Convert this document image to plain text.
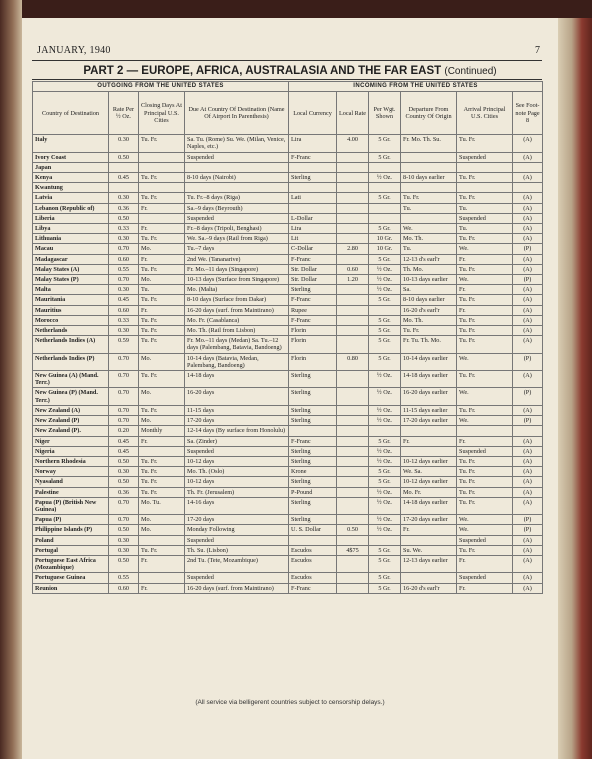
JANUARY, 1940	7
PART 2 — EUROPE, AFRICA, AUSTRALASIA AND THE FAR EAST (Continued)
OUTGOING FROM THE UNITED STATES				INCOMING FROM THE UNITED STATES					
Country of Destination	Rate Per ½ Oz.	Closing Days At Principal U.S. Cities	Due At Country Of Destination (Name Of Airport In Parenthesis)	Local Currency	Local Rate	Per Wgt. Shown	Departure From Country Of Origin	Arrival Principal U.S. Cities	See Foot-note Page 8
Italy	0.30	Tu. Fr.	Sa. Tu. (Rome) Su. We. (Milan, Venice, Naples, etc.)	Lira	4.00	5 Gr.	Fr. Mo. Th. Su.	Tu. Fr.	(A)
Ivory Coast	0.50		Suspended	F-Franc		5 Gr.		Suspended	(A)
Japan									
Kenya	0.45	Tu. Fr.	8-10 days (Nairobi)	Sterling		½ Oz.	8-10 days earlier	Tu. Fr.	(A)
Kwantung									
Latvia	0.30	Tu. Fr.	Tu. Fr.–8 days (Riga)	Lati		5 Gr.	Tu. Fr.	Tu. Fr.	(A)
Lebanon (Republic of)	0.36	Fr.	Sa.–9 days (Beyrouth)				Tu.	Tu.	(A)
Liberia	0.50		Suspended	L-Dollar				Suspended	(A)
Libya	0.33	Fr.	Fr.–8 days (Tripoli, Benghasi)	Lira		5 Gr.	We.	Tu.	(A)
Lithuania	0.30	Tu. Fr.	We. Sa.–9 days (Rail from Riga)	Lit		10 Gr.	Mo. Th.	Tu. Fr.	(A)
Macau	0.70	Mo.	Tu.–7 days	C-Dollar	2.80	10 Gr.	Tu.	We.	(P)
Madagascar	0.60	Fr.	2nd We. (Tananarive)	F-Franc		5 Gr.	12-13 d's earl'r	Fr.	(A)
Malay States (A)	0.55	Tu. Fr.	Fr. Mo.–11 days (Singapore)	Str. Dollar	0.60	½ Oz.	Th. Mo.	Tu. Fr.	(A)
Malay States (P)	0.70	Mo.	10-13 days (Surface from Singapore)	Str. Dollar	1.20	½ Oz.	10-13 days earlier	We.	(P)
Malta	0.30	Tu.	Mo. (Malta)	Sterling		½ Oz.	Sa.	Fr.	(A)
Mauritania	0.45	Tu. Fr.	8-10 days (Surface from Dakar)	F-Franc		5 Gr.	8-10 days earlier	Tu. Fr.	(A)
Mauritius	0.60	Fr.	16-20 days (surf. from Maintirano)	Rupee			16-20 d's earl'r	Fr.	(A)
Morocco	0.33	Tu. Fr.	Mo. Fr. (Casablanca)	F-Franc		5 Gr.	Mo. Th.	Tu. Fr.	(A)
Netherlands	0.30	Tu. Fr.	Mo. Th. (Rail from Lisbon)	Florin		5 Gr.	Tu. Fr.	Tu. Fr.	(A)
Netherlands Indies (A)	0.59	Tu. Fr.	Fr. Mo.–11 days (Medan) Sa. Tu.–12 days (Palembang, Batavia, Bandoeng)	Florin		5 Gr.	Fr. Tu. Th. Mo.	Tu. Fr.	(A)
Netherlands Indies (P)	0.70	Mo.	10-14 days (Batavia, Medan, Palembang, Bandoeng)	Florin	0.80	5 Gr.	10-14 days earlier	We.	(P)
New Guinea (A) (Mand. Terr.)	0.70	Tu. Fr.	14-18 days	Sterling		½ Oz.	14-18 days earlier	Tu. Fr.	(A)
New Guinea (P) (Mand. Terr.)	0.70	Mo.	16-20 days	Sterling		½ Oz.	16-20 days earlier	We.	(P)
New Zealand (A)	0.70	Tu. Fr.	11-15 days	Sterling		½ Oz.	11-15 days earlier	Tu. Fr.	(A)
New Zealand (P)	0.70	Mo.	17-20 days	Sterling		½ Oz.	17-20 days earlier	We.	(P)
New Zealand (P).	0.20	Monthly	12-14 days (By surface from Honolulu)						
Niger	0.45	Fr.	Sa. (Zinder)	F-Franc		5 Gr.	Fr.	Fr.	(A)
Nigeria	0.45		Suspended	Sterling		½ Oz.		Suspended	(A)
Northern Rhodesia	0.50	Tu. Fr.	10-12 days	Sterling		½ Oz.	10-12 days earlier	Tu. Fr.	(A)
Norway	0.30	Tu. Fr.	Mo. Th. (Oslo)	Krone		5 Gr.	We. Sa.	Tu. Fr.	(A)
Nyasaland	0.50	Tu. Fr.	10-12 days	Sterling		5 Gr.	10-12 days earlier	Tu. Fr.	(A)
Palestine	0.36	Tu. Fr.	Th. Fr. (Jerusalem)	P-Pound		½ Oz.	Mo. Fr.	Tu. Fr.	(A)
Papua (P) (British New Guinea)	0.70	Mo. Tu.	14-16 days	Sterling		½ Oz.	14-18 days earlier	Tu. Fr.	(A)
Papua (P)	0.70	Mo.	17-20 days	Sterling		½ Oz.	17-20 days earlier	We.	(P)
Philippine Islands (P)	0.50	Mo.	Monday Following	U. S. Dollar	0.50	½ Oz.	Fr.	We.	(P)
Poland	0.30		Suspended					Suspended	(A)
Portugal	0.30	Tu. Fr.	Th. Su. (Lisbon)	Escudos	4$75	5 Gr.	Su. We.	Tu. Fr.	(A)
Portuguese East Africa (Mozambique)	0.50	Fr.	2nd Tu. (Tete, Mozambique)	Escudos		5 Gr.	12-13 days earlier	Fr.	(A)
Portuguese Guinea	0.55		Suspended	Escudos		5 Gr.		Suspended	(A)
Reunion	0.60	Fr.	16-20 days (surf. from Maintirano)	F-Franc		5 Gr.	16-20 d's earl'r	Fr.	(A)
(All service via belligerent countries subject to censorship delays.)
